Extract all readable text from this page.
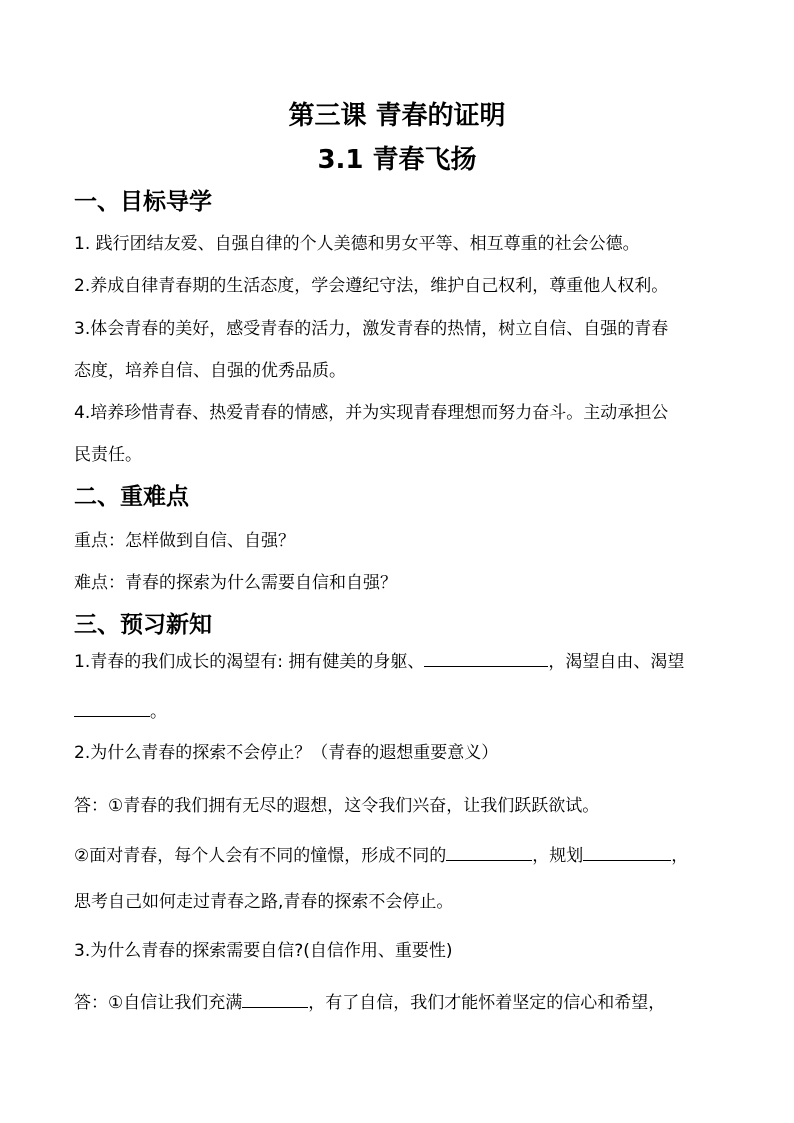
第三课 青春的证明
3.1 青春飞扬
一、目标导学
1. 践行团结友爱、自强自律的个人美德和男女平等、相互尊重的社会公德。
2.养成自律青春期的生活态度，学会遵纪守法，维护自己权利，尊重他人权利。
3.体会青春的美好，感受青春的活力，激发青春的热情，树立自信、自强的青春
态度，培养自信、自强的优秀品质。
4.培养珍惜青春、热爱青春的情感，并为实现青春理想而努力奋斗。主动承担公
民责任。
二、重难点
重点：怎样做到自信、自强？
难点：青春的探索为什么需要自信和自强？
三、预习新知
1.青春的我们成长的渴望有: 拥有健美的身躯、	，渴望自由、渴望
。
2.为什么青春的探索不会停止？（青春的遐想重要意义）
答：①青春的我们拥有无尽的遐想，这令我们兴奋，让我们跃跃欲试。
②面对青春，每个人会有不同的憧憬，形成不同的	，规划	，
思考自己如何走过青春之路,青春的探索不会停止。
3.为什么青春的探索需要自信?(自信作用、重要性)
答：①自信让我们充满	，有了自信，我们才能怀着坚定的信心和希望，
